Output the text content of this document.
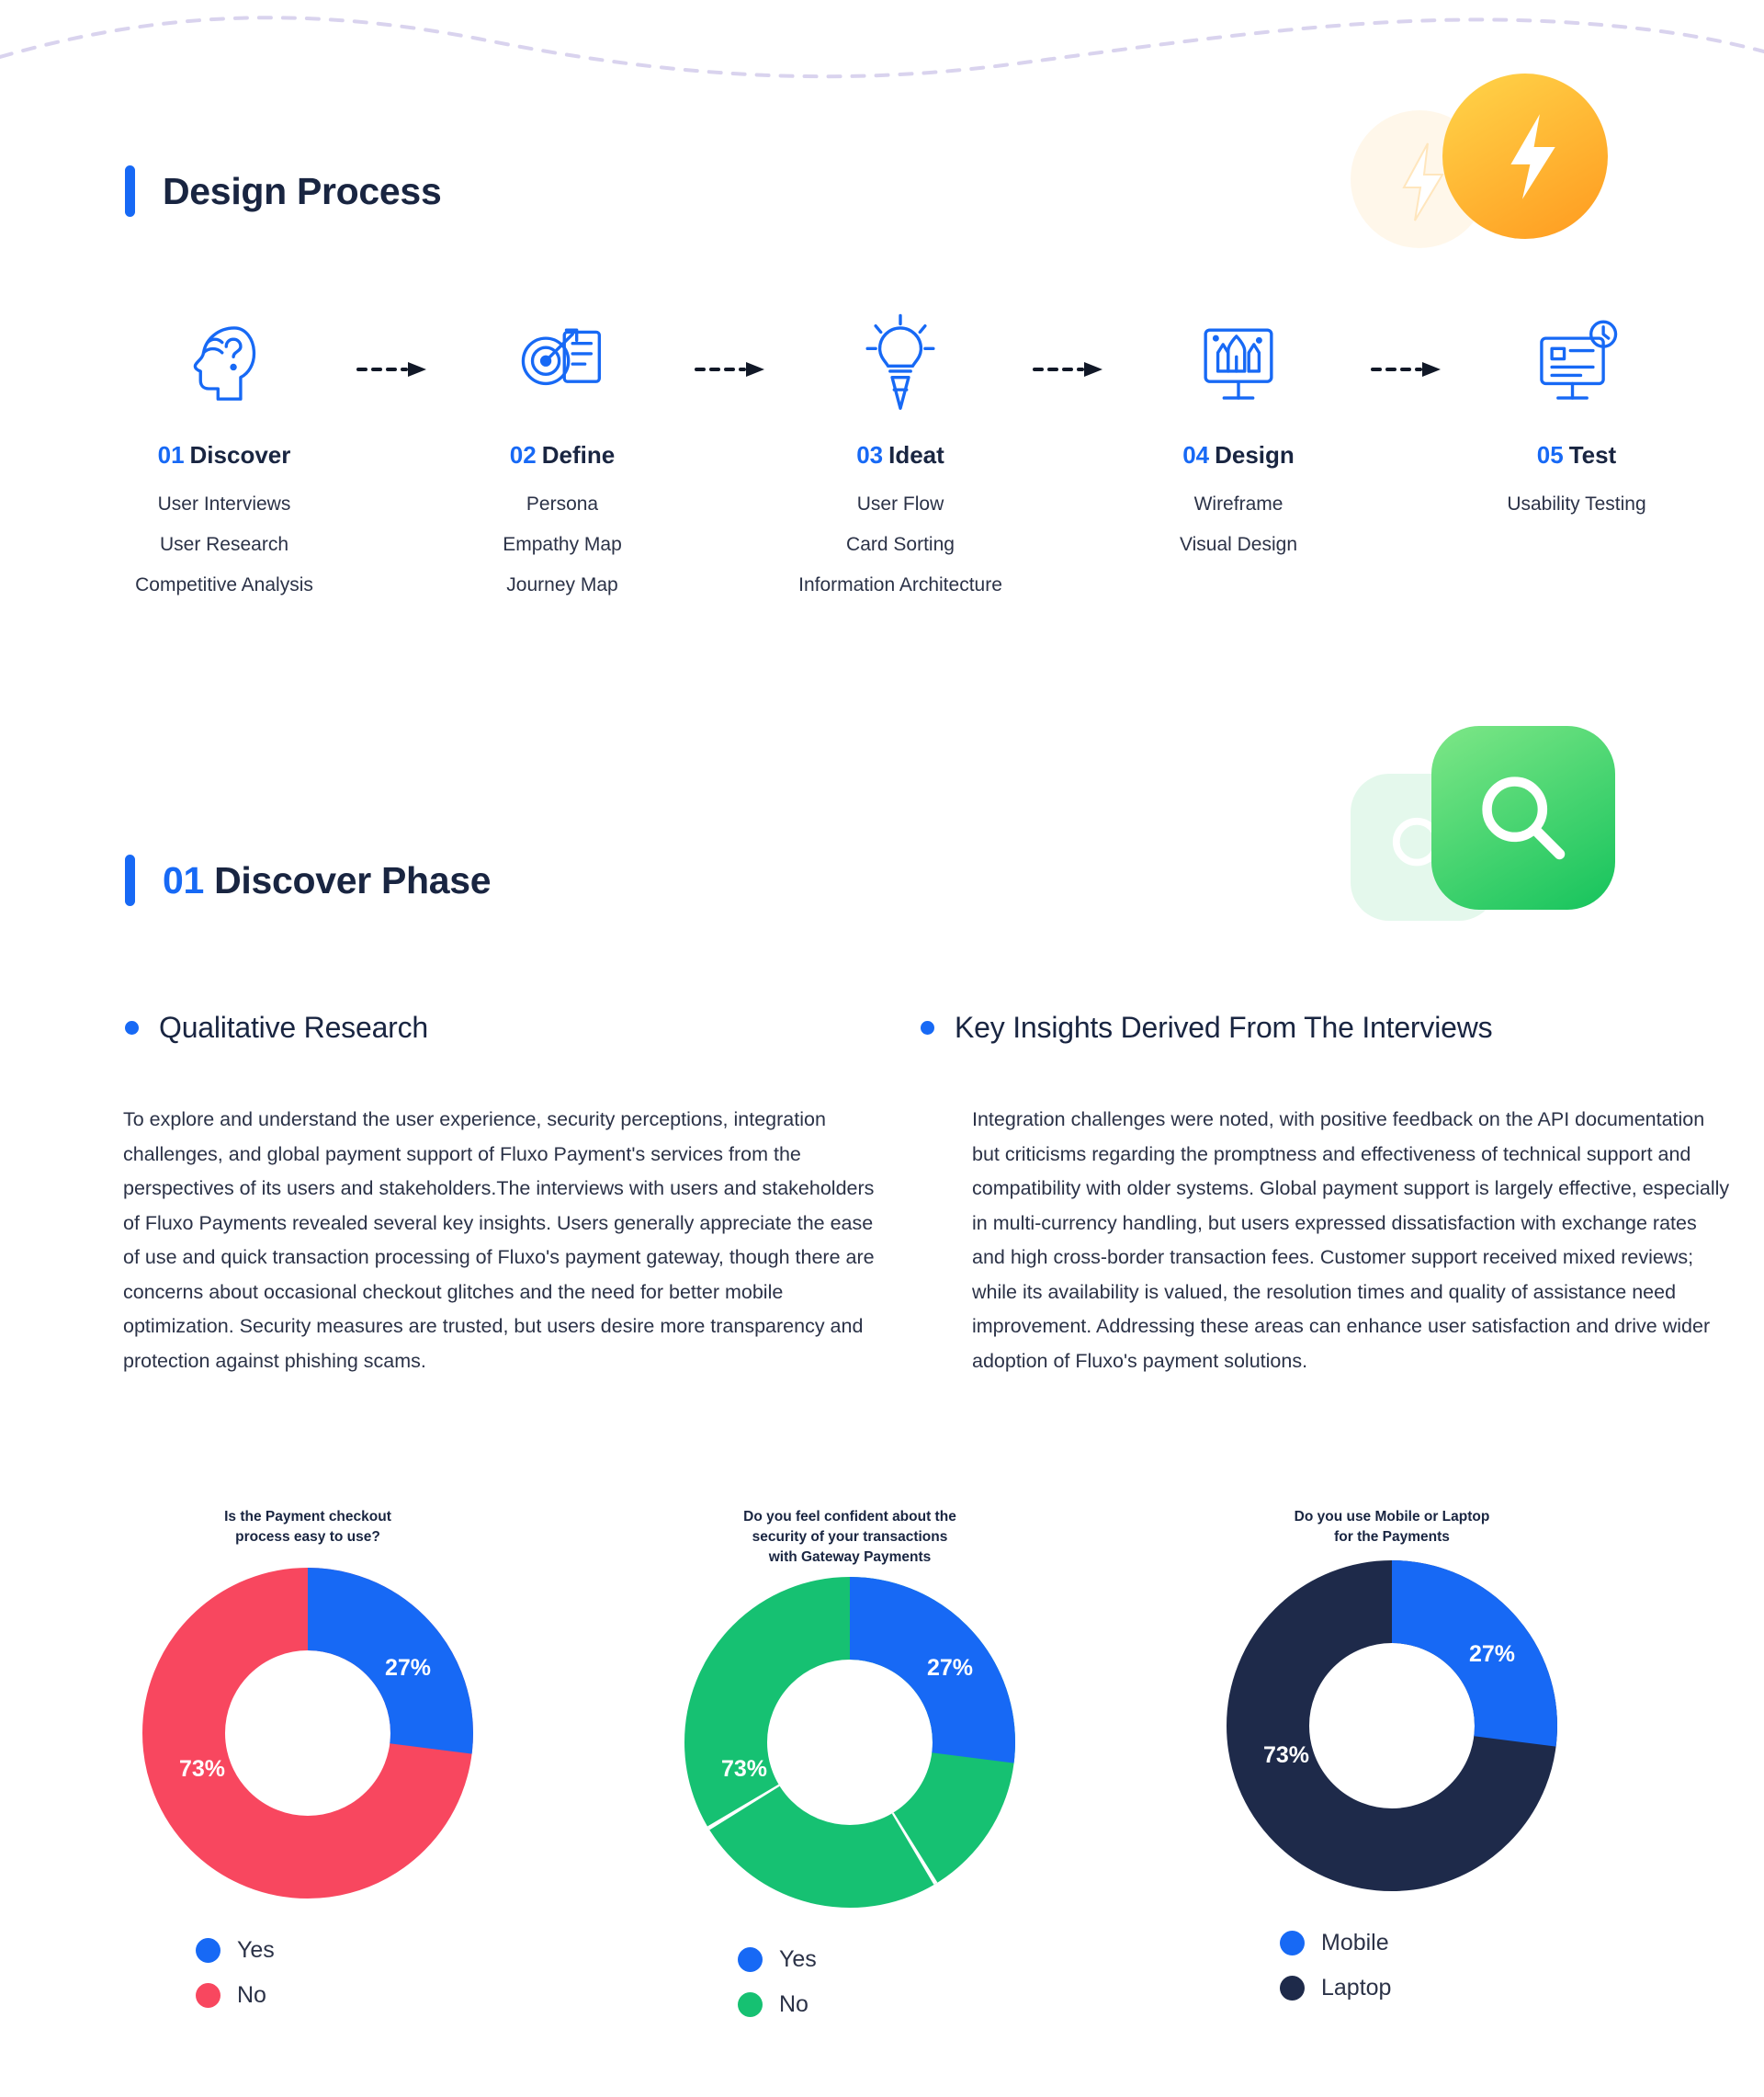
Design Process
01 Discover
User Interviews
User Research
Competitive Analysis
02 Define
Persona
Empathy Map
Journey Map
03 Ideat
User Flow
Card Sorting
Information Architecture
04 Design
Wireframe
Visual Design
05 Test
Usability Testing
01 Discover Phase
Qualitative Research	Key Insights Derived From The Interviews

To explore and understand the user experience, security perceptions, integration challenges, and global payment support of Fluxo Payment's services from the perspectives of its users and stakeholders.The interviews with users and stakeholders of Fluxo Payments revealed several key insights. Users generally appreciate the ease of use and quick transaction processing of Fluxo's payment gateway, though there are concerns about occasional checkout glitches and the need for better mobile optimization. Security measures are trusted, but users desire more transparency and protection against phishing scams.

Integration challenges were noted, with positive feedback on the API documentation but criticisms regarding the promptness and effectiveness of technical support and compatibility with older systems. Global payment support is largely effective, especially in multi-currency handling, but users expressed dissatisfaction with exchange rates and high cross-border transaction fees. Customer support received mixed reviews; while its availability is valued, the resolution times and quality of assistance need improvement. Addressing these areas can enhance user satisfaction and drive wider adoption of Fluxo's payment solutions.

Is the Payment checkout
process easy to use?
27%
73%
Yes
No
Do you feel confident about the
security of your transactions
with Gateway Payments
27%
73%
Yes
No
Do you use Mobile or Laptop
for the Payments
27%
73%
Mobile
Laptop
